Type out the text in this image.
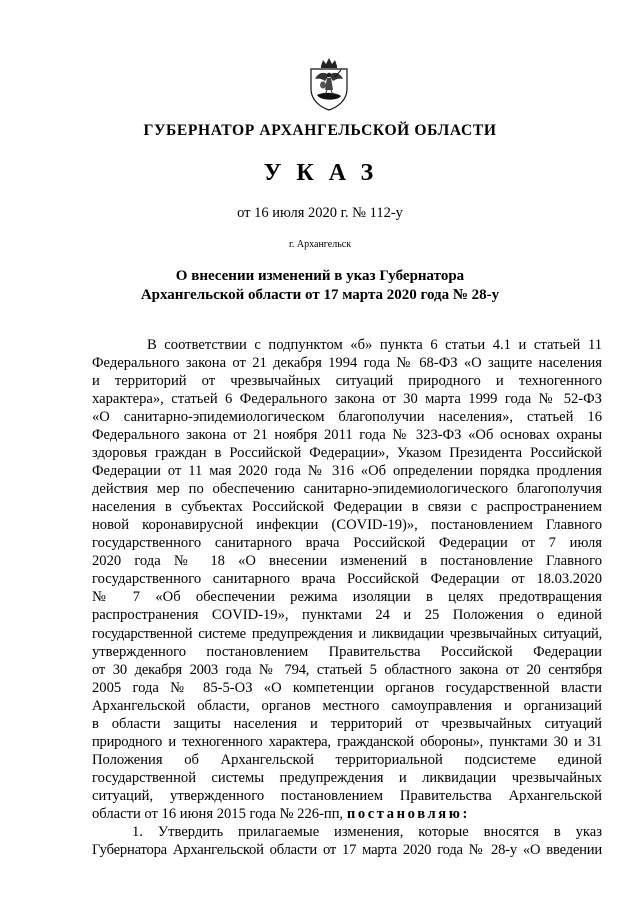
ГУБЕРНАТОР АРХАНГЕЛЬСКОЙ ОБЛАСТИ
УКАЗ
от 16 июля 2020 г. № 112-у
г. Архангельск
О внесении изменений в указ Губернатора
Архангельской области от 17 марта 2020 года № 28-у
В соответствии с подпунктом «б» пункта 6 статьи 4.1 и статьей 11
Федерального закона от 21 декабря 1994 года № 68-ФЗ «О защите населения
и территорий от чрезвычайных ситуаций природного и техногенного
характера», статьей 6 Федерального закона от 30 марта 1999 года № 52-ФЗ
«О санитарно-эпидемиологическом благополучии населения», статьей 16
Федерального закона от 21 ноября 2011 года № 323-ФЗ «Об основах охраны
здоровья граждан в Российской Федерации», Указом Президента Российской
Федерации от 11 мая 2020 года № 316 «Об определении порядка продления
действия мер по обеспечению санитарно-эпидемиологического благополучия
населения в субъектах Российской Федерации в связи с распространением
новой коронавирусной инфекции (COVID-19)», постановлением Главного
государственного санитарного врача Российской Федерации от 7 июля
2020 года № 18 «О внесении изменений в постановление Главного
государственного санитарного врача Российской Федерации от 18.03.2020
№ 7 «Об обеспечении режима изоляции в целях предотвращения
распространения COVID-19», пунктами 24 и 25 Положения о единой
государственной системе предупреждения и ликвидации чрезвычайных ситуаций,
утвержденного постановлением Правительства Российской Федерации
от 30 декабря 2003 года № 794, статьей 5 областного закона от 20 сентября
2005 года № 85-5-ОЗ «О компетенции органов государственной власти
Архангельской области, органов местного самоуправления и организаций
в области защиты населения и территорий от чрезвычайных ситуаций
природного и техногенного характера, гражданской обороны», пунктами 30 и 31
Положения об Архангельской территориальной подсистеме единой
государственной системы предупреждения и ликвидации чрезвычайных
ситуаций, утвержденного постановлением Правительства Архангельской
области от 16 июня 2015 года № 226-пп, постановляю:
1. Утвердить прилагаемые изменения, которые вносятся в указ
Губернатора Архангельской области от 17 марта 2020 года № 28-у «О введении
